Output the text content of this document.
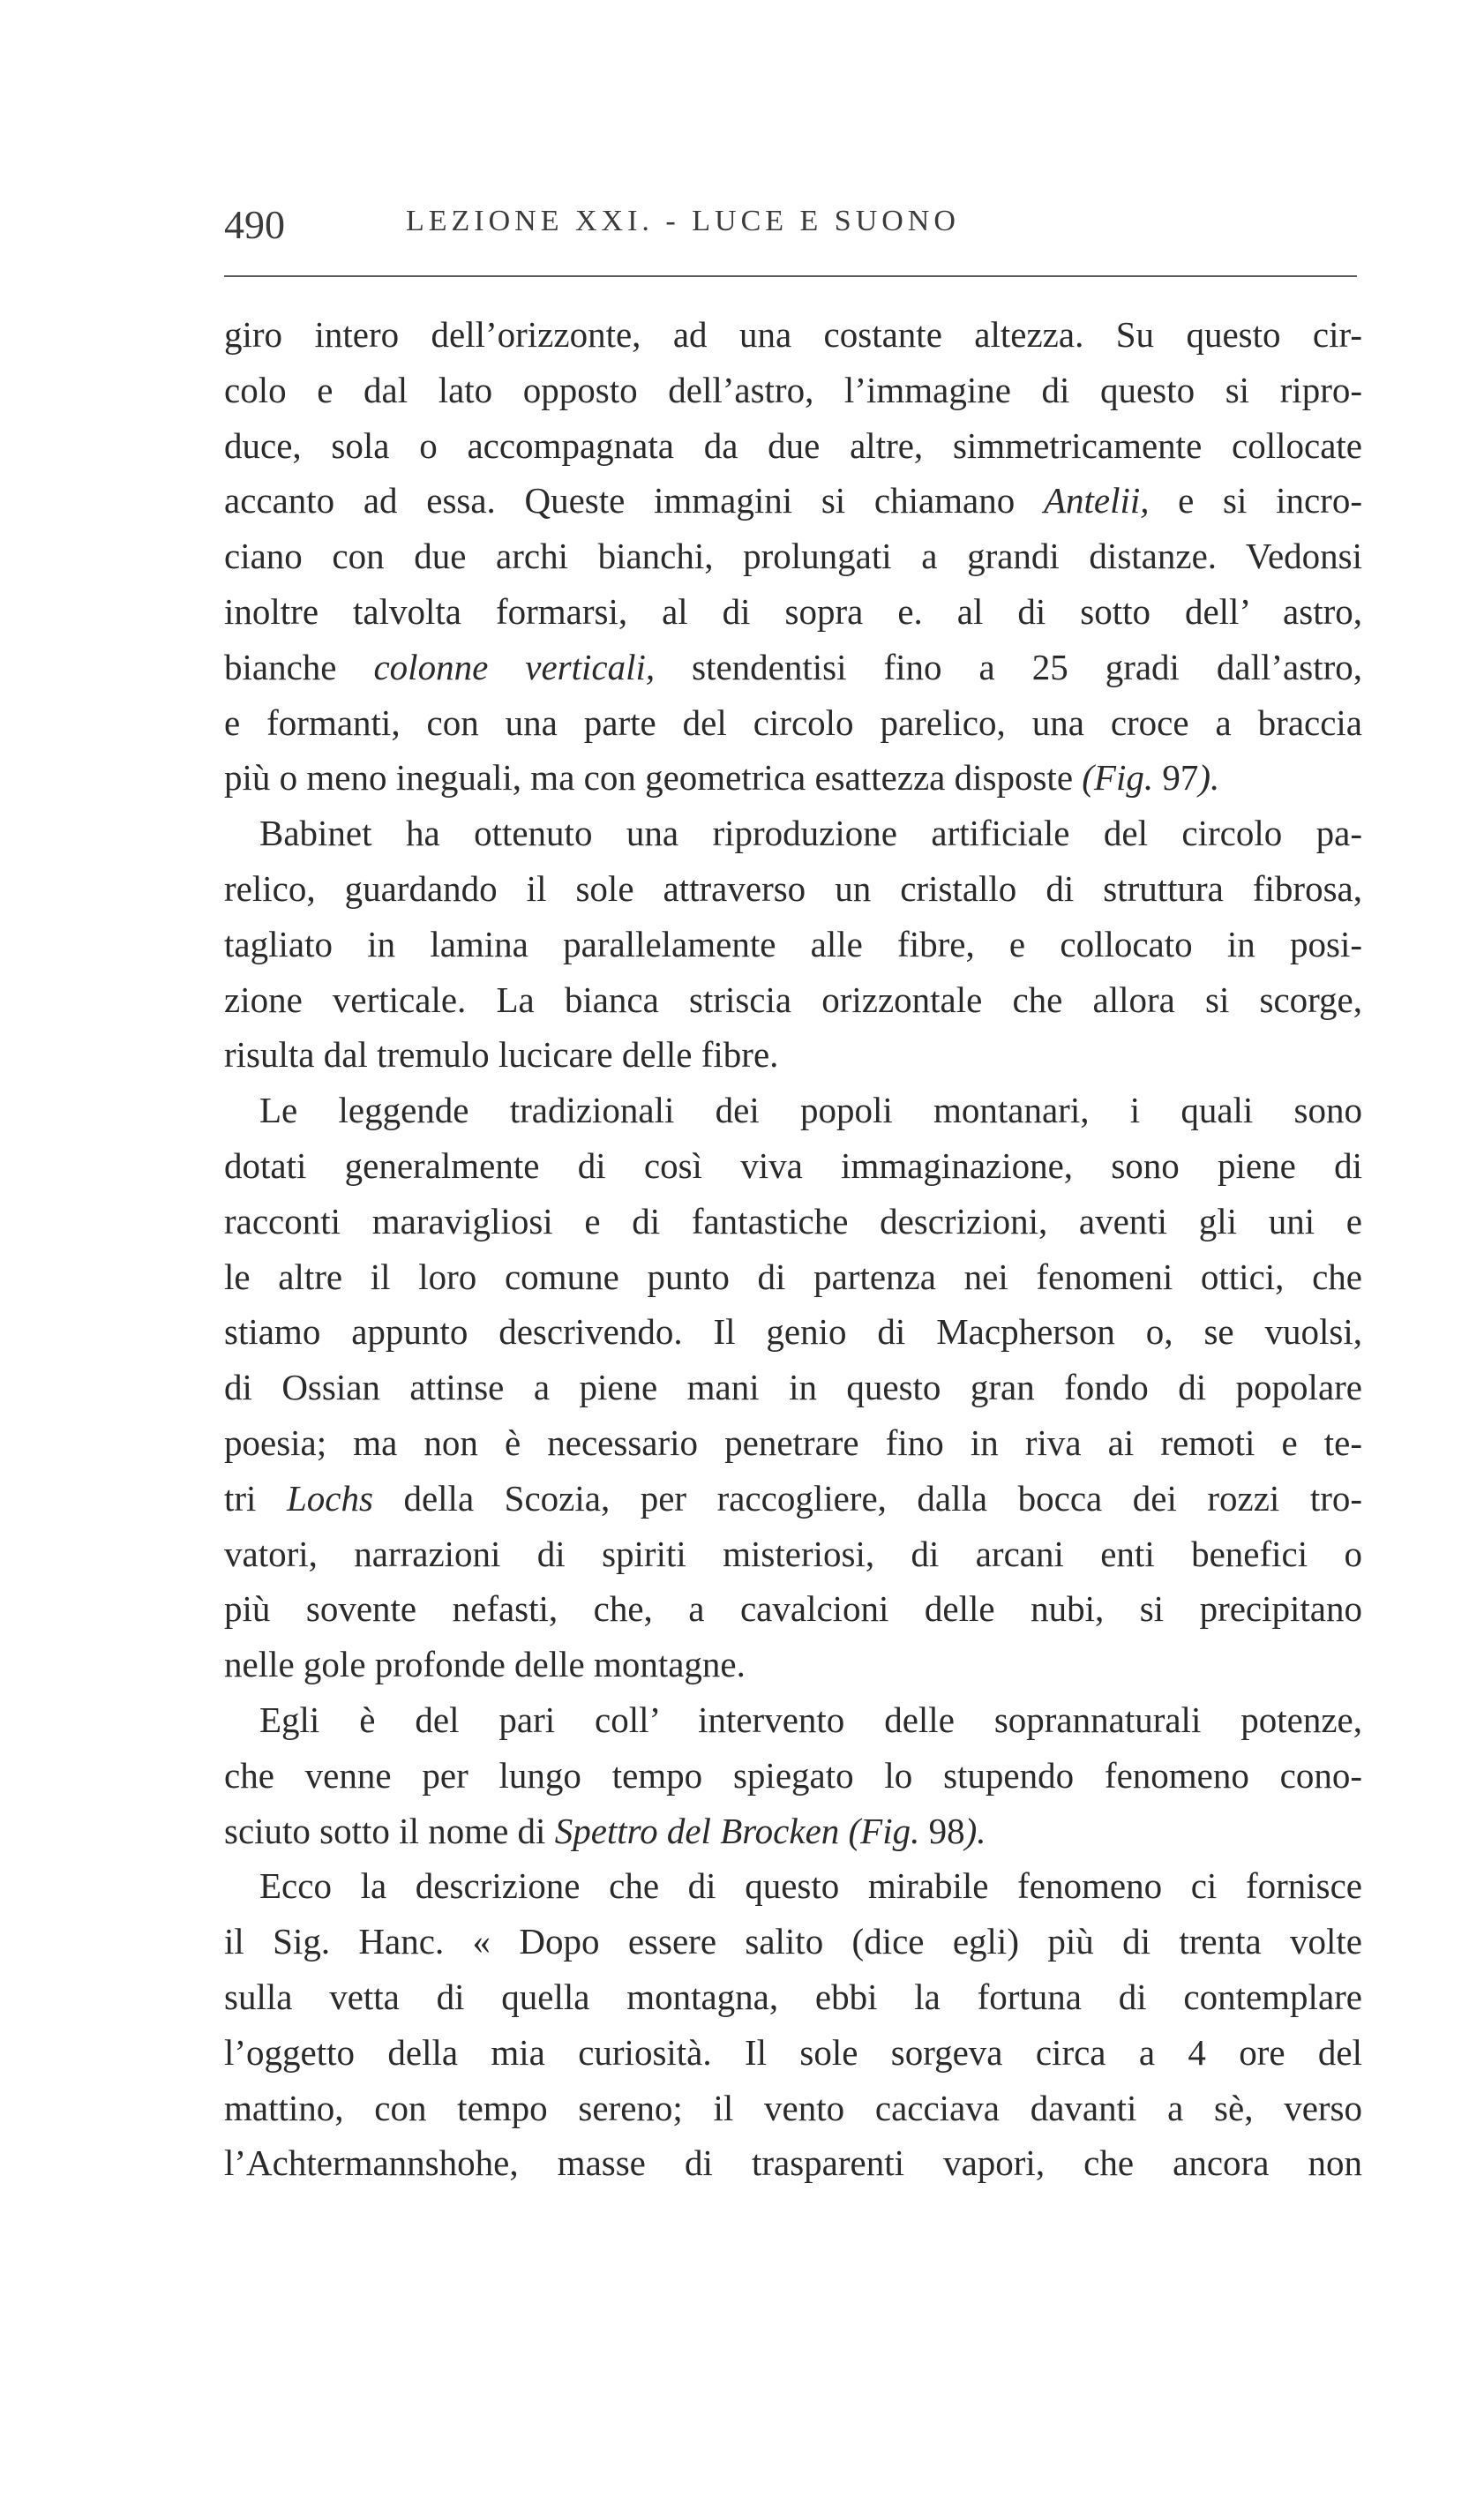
490	LEZIONE XXI. - LUCE E SUONO
giro intero dell’orizzonte, ad una costante altezza. Su questo cir-
colo e dal lato opposto dell’astro, l’immagine di questo si ripro-
duce, sola o accompagnata da due altre, simmetricamente collocate
accanto ad essa. Queste immagini si chiamano Antelii, e si incro-
ciano con due archi bianchi, prolungati a grandi distanze. Vedonsi
inoltre talvolta formarsi, al di sopra e. al di sotto dell’ astro,
bianche colonne verticali, stendentisi fino a 25 gradi dall’astro,
e formanti, con una parte del circolo parelico, una croce a braccia
più o meno ineguali, ma con geometrica esattezza disposte (Fig. 97).
Babinet ha ottenuto una riproduzione artificiale del circolo pa-
relico, guardando il sole attraverso un cristallo di struttura fibrosa,
tagliato in lamina parallelamente alle fibre, e collocato in posi-
zione verticale. La bianca striscia orizzontale che allora si scorge,
risulta dal tremulo lucicare delle fibre.
Le leggende tradizionali dei popoli montanari, i quali sono
dotati generalmente di così viva immaginazione, sono piene di
racconti maravigliosi e di fantastiche descrizioni, aventi gli uni e
le altre il loro comune punto di partenza nei fenomeni ottici, che
stiamo appunto descrivendo. Il genio di Macpherson o, se vuolsi,
di Ossian attinse a piene mani in questo gran fondo di popolare
poesia; ma non è necessario penetrare fino in riva ai remoti e te-
tri Lochs della Scozia, per raccogliere, dalla bocca dei rozzi tro-
vatori, narrazioni di spiriti misteriosi, di arcani enti benefici o
più sovente nefasti, che, a cavalcioni delle nubi, si precipitano
nelle gole profonde delle montagne.
Egli è del pari coll’ intervento delle soprannaturali potenze,
che venne per lungo tempo spiegato lo stupendo fenomeno cono-
sciuto sotto il nome di Spettro del Brocken (Fig. 98).
Ecco la descrizione che di questo mirabile fenomeno ci fornisce
il Sig. Hanc. « Dopo essere salito (dice egli) più di trenta volte
sulla vetta di quella montagna, ebbi la fortuna di contemplare
l’oggetto della mia curiosità. Il sole sorgeva circa a 4 ore del
mattino, con tempo sereno; il vento cacciava davanti a sè, verso
l’Achtermannshohe, masse di trasparenti vapori, che ancora non
